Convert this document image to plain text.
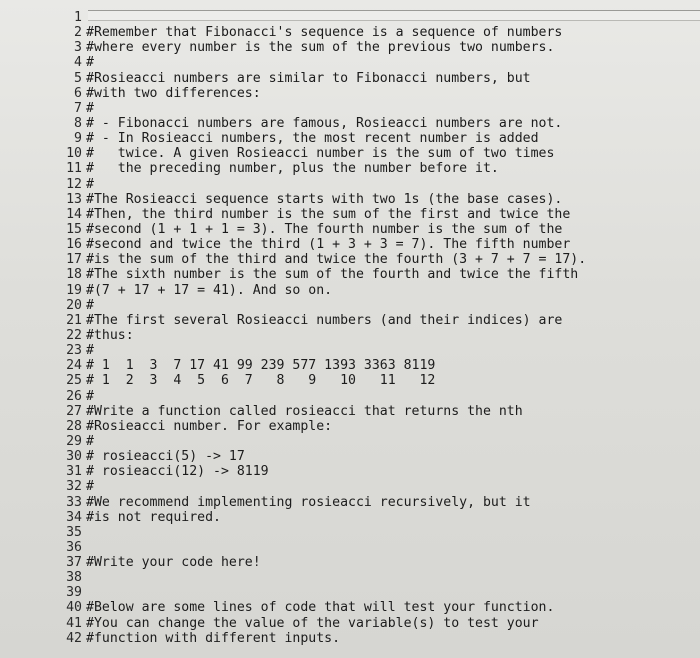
1
2 #Remember that Fibonacci's sequence is a sequence of numbers
3 #where every number is the sum of the previous two numbers.
4 #
5 #Rosieacci numbers are similar to Fibonacci numbers, but
6 #with two differences:
7 #
8 # - Fibonacci numbers are famous, Rosieacci numbers are not.
9 # - In Rosieacci numbers, the most recent number is added
10 #   twice. A given Rosieacci number is the sum of two times
11 #   the preceding number, plus the number before it.
12 #
13 #The Rosieacci sequence starts with two 1s (the base cases).
14 #Then, the third number is the sum of the first and twice the
15 #second (1 + 1 + 1 = 3). The fourth number is the sum of the
16 #second and twice the third (1 + 3 + 3 = 7). The fifth number
17 #is the sum of the third and twice the fourth (3 + 7 + 7 = 17).
18 #The sixth number is the sum of the fourth and twice the fifth
19 #(7 + 17 + 17 = 41). And so on.
20 #
21 #The first several Rosieacci numbers (and their indices) are
22 #thus:
23 #
24 # 1  1  3  7 17 41 99 239 577 1393 3363 8119
25 # 1  2  3  4  5  6  7   8   9   10   11   12
26 #
27 #Write a function called rosieacci that returns the nth
28 #Rosieacci number. For example:
29 #
30 # rosieacci(5) -> 17
31 # rosieacci(12) -> 8119
32 #
33 #We recommend implementing rosieacci recursively, but it
34 #is not required.
35
36
37 #Write your code here!
38
39
40 #Below are some lines of code that will test your function.
41 #You can change the value of the variable(s) to test your
42 #function with different inputs.
